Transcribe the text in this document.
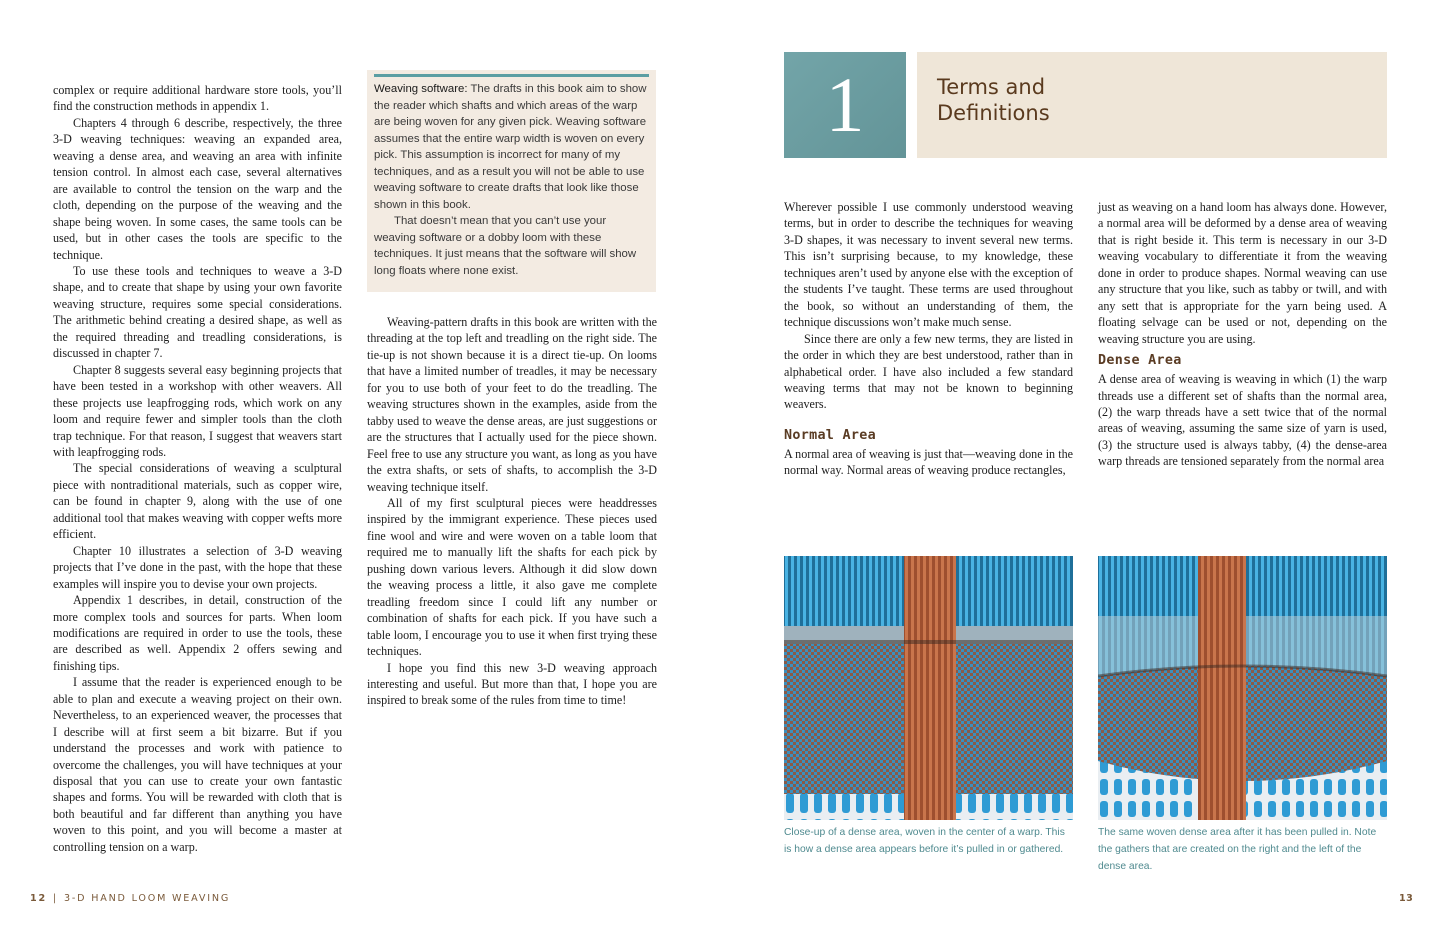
complex or require additional hardware store tools, you’ll find the construction methods in appendix 1.

Chapters 4 through 6 describe, respectively, the three 3-D weaving techniques: weaving an expanded area, weaving a dense area, and weaving an area with infinite tension control. In almost each case, several alternatives are available to control the tension on the warp and the cloth, depending on the purpose of the weaving and the shape being woven. In some cases, the same tools can be used, but in other cases the tools are specific to the technique.

To use these tools and techniques to weave a 3-D shape, and to create that shape by using your own favorite weaving structure, requires some special considerations. The arithmetic behind creating a desired shape, as well as the required threading and treadling considerations, is discussed in chapter 7.

Chapter 8 suggests several easy beginning projects that have been tested in a workshop with other weavers. All these projects use leapfrogging rods, which work on any loom and require fewer and simpler tools than the cloth trap technique. For that reason, I suggest that weavers start with leapfrogging rods.

The special considerations of weaving a sculptural piece with nontraditional materials, such as copper wire, can be found in chapter 9, along with the use of one additional tool that makes weaving with copper wefts more efficient.

Chapter 10 illustrates a selection of 3-D weaving projects that I’ve done in the past, with the hope that these examples will inspire you to devise your own projects.

Appendix 1 describes, in detail, construction of the more complex tools and sources for parts. When loom modifications are required in order to use the tools, these are described as well. Appendix 2 offers sewing and finishing tips.

I assume that the reader is experienced enough to be able to plan and execute a weaving project on their own. Nevertheless, to an experienced weaver, the processes that I describe will at first seem a bit bizarre. But if you understand the processes and work with patience to overcome the challenges, you will have techniques at your disposal that you can use to create your own fantastic shapes and forms. You will be rewarded with cloth that is both beautiful and far different than anything you have woven to this point, and you will become a master at controlling tension on a warp.

Weaving software: The drafts in this book aim to show the reader which shafts and which areas of the warp are being woven for any given pick. Weaving software assumes that the entire warp width is woven on every pick. This assumption is incorrect for many of my techniques, and as a result you will not be able to use weaving software to create drafts that look like those shown in this book.

That doesn’t mean that you can’t use your weaving software or a dobby loom with these techniques. It just means that the software will show long floats where none exist.

Weaving-pattern drafts in this book are written with the threading at the top left and treadling on the right side. The tie-up is not shown because it is a direct tie-up. On looms that have a limited number of treadles, it may be necessary for you to use both of your feet to do the treadling. The weaving structures shown in the examples, aside from the tabby used to weave the dense areas, are just suggestions or are the structures that I actually used for the piece shown. Feel free to use any structure you want, as long as you have the extra shafts, or sets of shafts, to accomplish the 3-D weaving technique itself.

All of my first sculptural pieces were headdresses inspired by the immigrant experience. These pieces used fine wool and wire and were woven on a table loom that required me to manually lift the shafts for each pick by pushing down various levers. Although it did slow down the weaving process a little, it also gave me complete treadling freedom since I could lift any number or combination of shafts for each pick. If you have such a table loom, I encourage you to use it when first trying these techniques.

I hope you find this new 3-D weaving approach interesting and useful. But more than that, I hope you are inspired to break some of the rules from time to time!

12 | 3-D HAND LOOM WEAVING
1	Terms and
Definitions

Wherever possible I use commonly understood weaving terms, but in order to describe the techniques for weaving 3-D shapes, it was necessary to invent several new terms. This isn’t surprising because, to my knowledge, these techniques aren’t used by anyone else with the exception of the students I’ve taught. These terms are used throughout the book, so without an understanding of them, the technique discussions won’t make much sense.

Since there are only a few new terms, they are listed in the order in which they are best understood, rather than in alphabetical order. I have also included a few standard weaving terms that may not be known to beginning weavers.

Normal Area

A normal area of weaving is just that—weaving done in the normal way. Normal areas of weaving produce rectangles,

just as weaving on a hand loom has always done. However, a normal area will be deformed by a dense area of weaving that is right beside it. This term is necessary in our 3-D weaving vocabulary to differentiate it from the weaving done in order to produce shapes. Normal weaving can use any structure that you like, such as tabby or twill, and with any sett that is appropriate for the yarn being used. A floating selvage can be used or not, depending on the weaving structure you are using.

Dense Area

A dense area of weaving is weaving in which (1) the warp threads use a different set of shafts than the normal area, (2) the warp threads have a sett twice that of the normal areas of weaving, assuming the same size of yarn is used, (3) the structure used is always tabby, (4) the dense-area warp threads are tensioned separately from the normal area

Close-up of a dense area, woven in the center of a warp. This is how a dense area appears before it’s pulled in or gathered.
The same woven dense area after it has been pulled in. Note the gathers that are created on the right and the left of the dense area.
13
